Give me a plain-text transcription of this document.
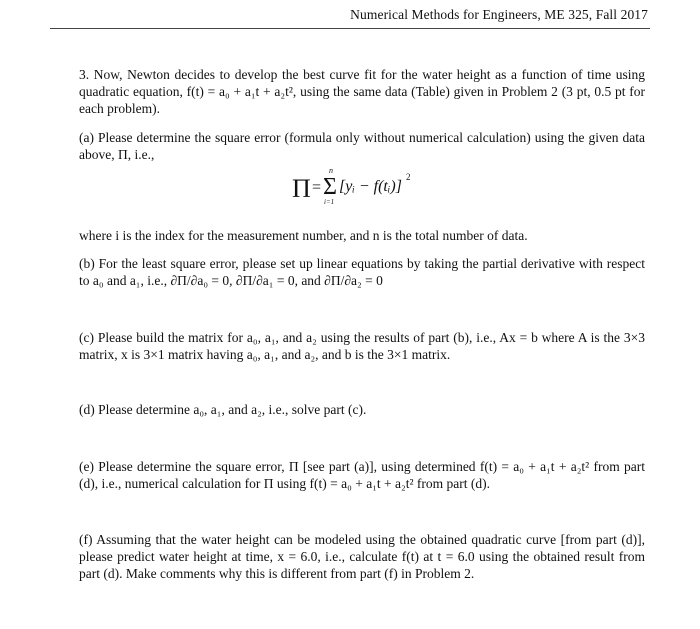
Numerical Methods for Engineers, ME 325, Fall 2017
3. Now, Newton decides to develop the best curve fit for the water height as a function of time using quadratic equation, f(t) = a₀ + a₁t + a₂t², using the same data (Table) given in Problem 2 (3 pt, 0.5 pt for each problem).
(a) Please determine the square error (formula only without numerical calculation) using the given data above, Π, i.e.,
Π =
n
Σ
i=1
[yᵢ − f(tᵢ)]
2
where i is the index for the measurement number, and n is the total number of data.
(b) For the least square error, please set up linear equations by taking the partial derivative with respect to a₀ and a₁, i.e., ∂Π/∂a₀ = 0, ∂Π/∂a₁ = 0, and ∂Π/∂a₂ = 0
(c) Please build the matrix for a₀, a₁, and a₂ using the results of part (b), i.e., Ax = b where A is the 3×3 matrix, x is 3×1 matrix having a₀, a₁, and a₂, and b is the 3×1 matrix.
(d) Please determine a₀, a₁, and a₂, i.e., solve part (c).
(e) Please determine the square error, Π [see part (a)], using determined f(t) = a₀ + a₁t + a₂t² from part (d), i.e., numerical calculation for Π using f(t) = a₀ + a₁t + a₂t² from part (d).
(f) Assuming that the water height can be modeled using the obtained quadratic curve [from part (d)], please predict water height at time, x = 6.0, i.e., calculate f(t) at t = 6.0 using the obtained result from part (d). Make comments why this is different from part (f) in Problem 2.
